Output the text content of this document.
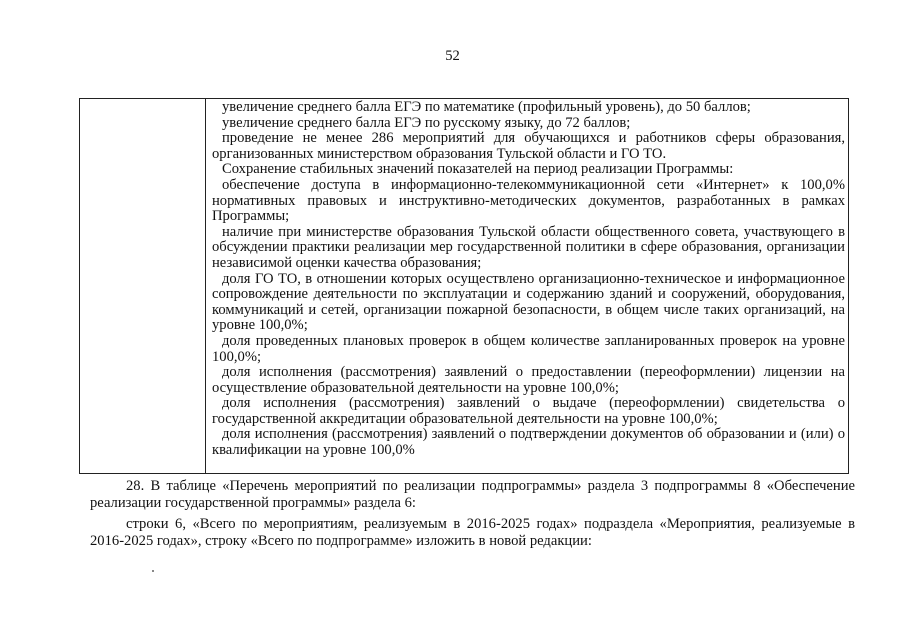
52

увеличение среднего балла ЕГЭ по математике (профильный уровень), до 50 баллов;

увеличение среднего балла ЕГЭ по русскому языку, до 72 баллов;

проведение не менее 286 мероприятий для обучающихся и работников сферы образования, организованных министерством образования Тульской области и ГО ТО.

Сохранение стабильных значений показателей на период реализации Программы:

обеспечение доступа в информационно-телекоммуникационной сети «Интернет» к 100,0% нормативных правовых и инструктивно-методических документов, разработанных в рамках Программы;

наличие при министерстве образования Тульской области общественного совета, участвующего в обсуждении практики реализации мер государственной политики в сфере образования, организации независимой оценки качества образования;

доля ГО ТО, в отношении которых осуществлено организационно-техническое и информационное сопровождение деятельности по эксплуатации и содержанию зданий и сооружений, оборудования, коммуникаций и сетей, организации пожарной безопасности, в общем числе таких организаций, на уровне 100,0%;

доля проведенных плановых проверок в общем количестве запланированных проверок на уровне 100,0%;

доля исполнения (рассмотрения) заявлений о предоставлении (переоформлении) лицензии на осуществление образовательной деятельности на уровне 100,0%;

доля исполнения (рассмотрения) заявлений о выдаче (переоформлении) свидетельства о государственной аккредитации образовательной деятельности на уровне 100,0%;

доля исполнения (рассмотрения) заявлений о подтверждении документов об образовании и (или) о квалификации на уровне 100,0%

28. В таблице «Перечень мероприятий по реализации подпрограммы» раздела 3 подпрограммы 8 «Обеспечение реализации государственной программы» раздела 6:

строки 6, «Всего по мероприятиям, реализуемым в 2016-2025 годах» подраздела «Мероприятия, реализуемые в 2016-2025 годах», строку «Всего по подпрограмме» изложить в новой редакции:
